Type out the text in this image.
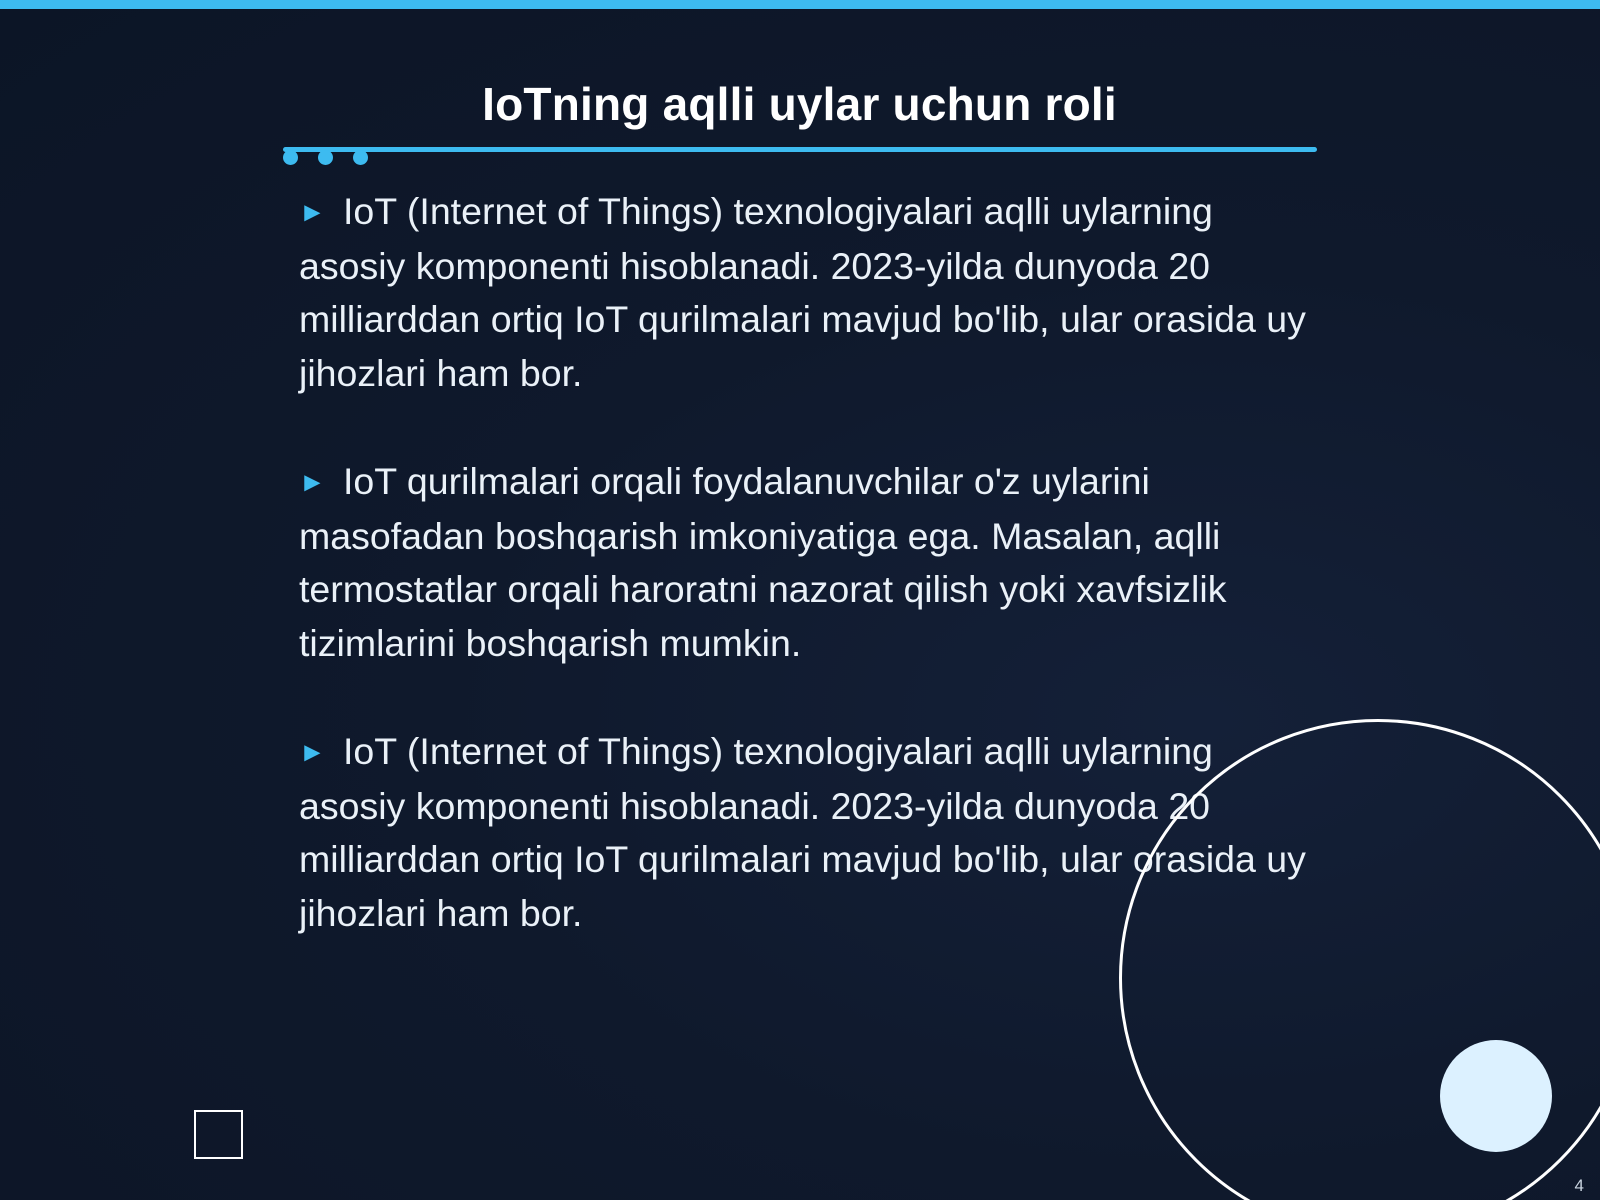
IoTning aqlli uylar uchun roli

► IoT (Internet of Things) texnologiyalari aqlli uylarning asosiy komponenti hisoblanadi. 2023-yilda dunyoda 20 milliarddan ortiq IoT qurilmalari mavjud bo'lib, ular orasida uy jihozlari ham bor.

► IoT qurilmalari orqali foydalanuvchilar o'z uylarini masofadan boshqarish imkoniyatiga ega. Masalan, aqlli termostatlar orqali haroratni nazorat qilish yoki xavfsizlik tizimlarini boshqarish mumkin.

► IoT (Internet of Things) texnologiyalari aqlli uylarning asosiy komponenti hisoblanadi. 2023-yilda dunyoda 20 milliarddan ortiq IoT qurilmalari mavjud bo'lib, ular orasida uy jihozlari ham bor.

4
